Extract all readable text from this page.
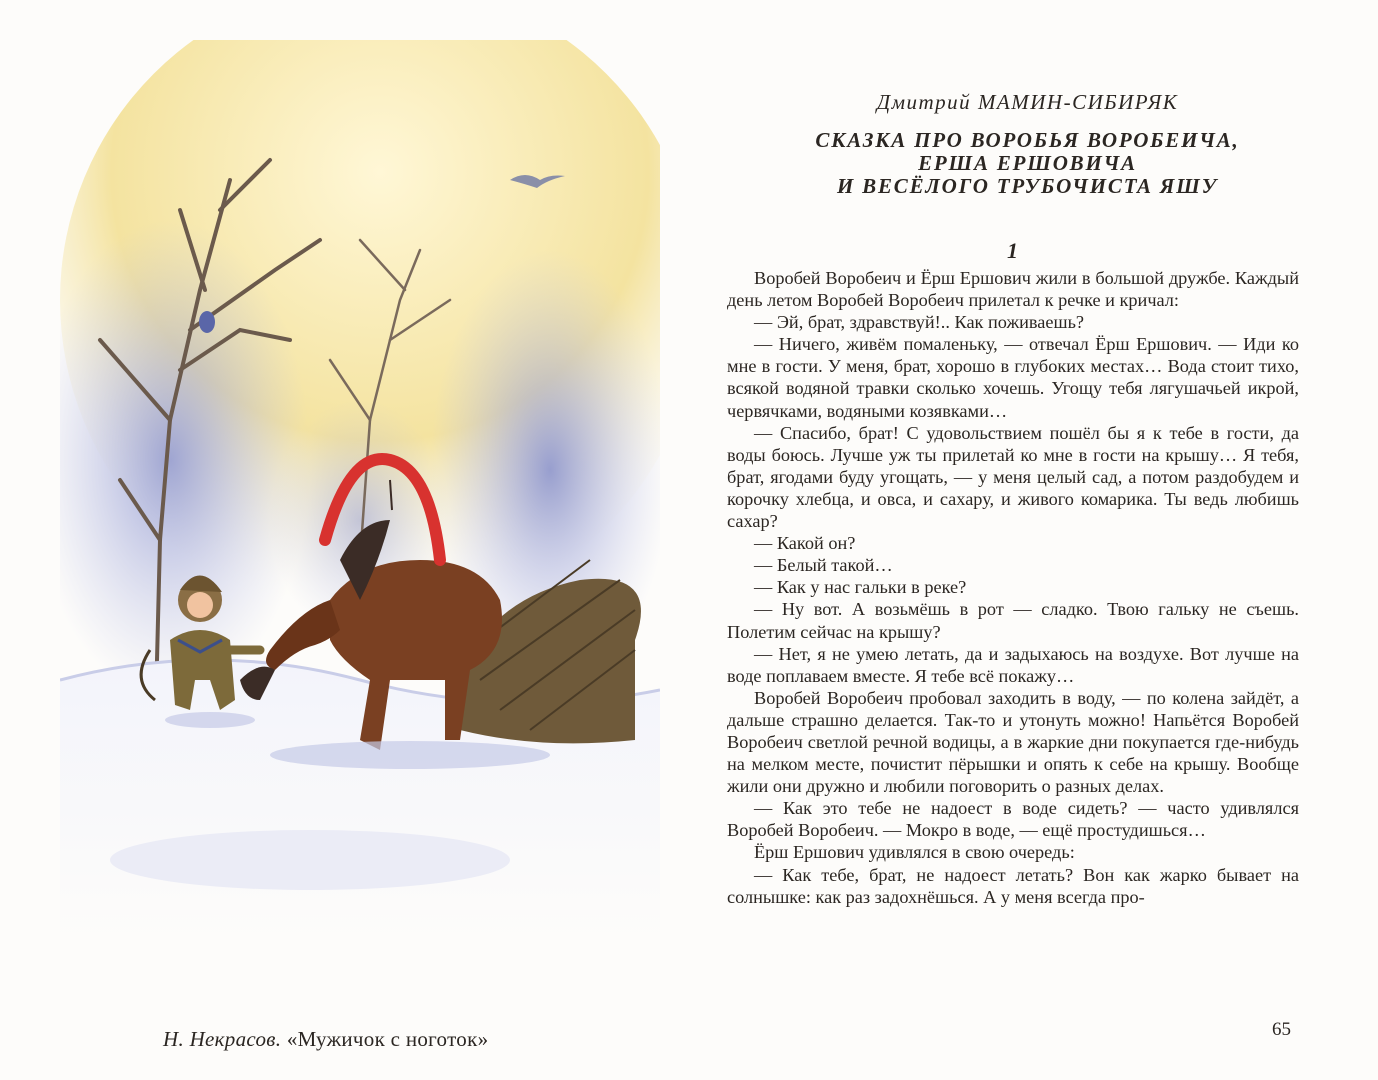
Н. Некрасов. «Мужичок с ноготок»
Дмитрий МАМИН-СИБИРЯК
СКАЗКА ПРО ВОРОБЬЯ ВОРОБЕИЧА,
ЕРША ЕРШОВИЧА
И ВЕСЁЛОГО ТРУБОЧИСТА ЯШУ
1

Воробей Воробеич и Ёрш Ершович жили в большой дружбе. Каждый день летом Воробей Воробеич прилетал к речке и кричал:

— Эй, брат, здравствуй!.. Как поживаешь?

— Ничего, живём помаленьку, — отвечал Ёрш Ершович. — Иди ко мне в гости. У меня, брат, хорошо в глубоких местах… Вода стоит тихо, всякой водяной травки сколько хочешь. Угощу тебя лягушачьей икрой, червячками, водяными козявками…

— Спасибо, брат! С удовольствием пошёл бы я к тебе в гости, да воды боюсь. Лучше уж ты прилетай ко мне в гости на крышу… Я тебя, брат, ягодами буду угощать, — у меня целый сад, а потом раздобудем и корочку хлебца, и овса, и сахару, и живого комарика. Ты ведь любишь сахар?

— Какой он?

— Белый такой…

— Как у нас гальки в реке?

— Ну вот. А возьмёшь в рот — сладко. Твою гальку не съешь. Полетим сейчас на крышу?

— Нет, я не умею летать, да и задыхаюсь на воздухе. Вот лучше на воде поплаваем вместе. Я тебе всё покажу…

Воробей Воробеич пробовал заходить в воду, — по колена зайдёт, а дальше страшно делается. Так-то и утонуть можно! Напьётся Воробей Воробеич светлой речной водицы, а в жаркие дни покупается где-нибудь на мелком месте, почистит пёрышки и опять к себе на крышу. Вообще жили они дружно и любили поговорить о разных делах.

— Как это тебе не надоест в воде сидеть? — часто удивлялся Воробей Воробеич. — Мокро в воде, — ещё простудишься…

Ёрш Ершович удивлялся в свою очередь:

— Как тебе, брат, не надоест летать? Вон как жарко бывает на солнышке: как раз задохнёшься. А у меня всегда про-

65
